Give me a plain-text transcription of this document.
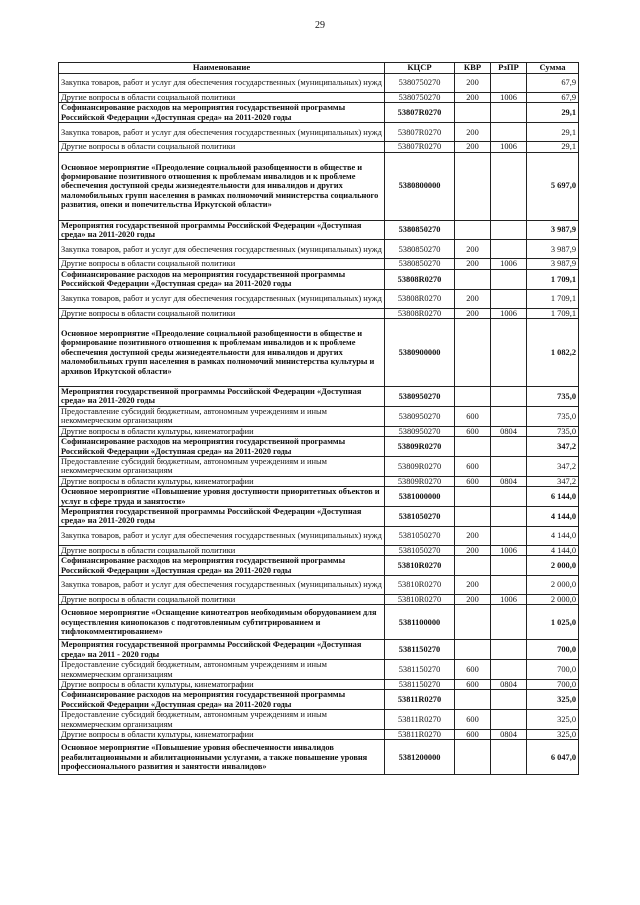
29
Наименование	КЦСР	КВР	РзПР	Сумма
Закупка товаров, работ и услуг для обеспечения государственных (муниципальных) нужд	5380750270	200		67,9
Другие вопросы в области социальной политики	5380750270	200	1006	67,9
Софинансирование расходов на мероприятия государственной программы Российской Федерации «Доступная среда» на 2011-2020 годы	53807R0270			29,1
Закупка товаров, работ и услуг для обеспечения государственных (муниципальных) нужд	53807R0270	200		29,1
Другие вопросы в области социальной политики	53807R0270	200	1006	29,1
Основное мероприятие «Преодоление социальной разобщенности в обществе и формирование позитивного отношения к проблемам инвалидов и к проблеме обеспечения доступной среды жизнедеятельности для инвалидов и других маломобильных групп населения в рамках полномочий министерства социального развития, опеки и попечительства Иркутской области»	5380800000			5 697,0
Мероприятия государственной программы Российской Федерации «Доступная среда» на 2011-2020 годы	5380850270			3 987,9
Закупка товаров, работ и услуг для обеспечения государственных (муниципальных) нужд	5380850270	200		3 987,9
Другие вопросы в области социальной политики	5380850270	200	1006	3 987,9
Софинансирование расходов на мероприятия государственной программы Российской Федерации «Доступная среда» на 2011-2020 годы	53808R0270			1 709,1
Закупка товаров, работ и услуг для обеспечения государственных (муниципальных) нужд	53808R0270	200		1 709,1
Другие вопросы в области социальной политики	53808R0270	200	1006	1 709,1
Основное мероприятие «Преодоление социальной разобщенности в обществе и формирование позитивного отношения к проблемам инвалидов и к проблеме обеспечения доступной среды жизнедеятельности для инвалидов и других маломобильных групп населения в рамках полномочий министерства культуры и архивов Иркутской области»	5380900000			1 082,2
Мероприятия государственной программы Российской Федерации «Доступная среда» на 2011-2020 годы	5380950270			735,0
Предоставление субсидий бюджетным, автономным учреждениям и иным некоммерческим организациям	5380950270	600		735,0
Другие вопросы в области культуры, кинематографии	5380950270	600	0804	735,0
Софинансирование расходов на мероприятия государственной программы Российской Федерации «Доступная среда» на 2011-2020 годы	53809R0270			347,2
Предоставление субсидий бюджетным, автономным учреждениям и иным некоммерческим организациям	53809R0270	600		347,2
Другие вопросы в области культуры, кинематографии	53809R0270	600	0804	347,2
Основное мероприятие «Повышение уровня доступности приоритетных объектов и услуг в сфере труда и занятости»	5381000000			6 144,0
Мероприятия государственной программы Российской Федерации «Доступная среда» на 2011-2020 годы	5381050270			4 144,0
Закупка товаров, работ и услуг для обеспечения государственных (муниципальных) нужд	5381050270	200		4 144,0
Другие вопросы в области социальной политики	5381050270	200	1006	4 144,0
Софинансирование расходов на мероприятия государственной программы Российской Федерации «Доступная среда» на 2011-2020 годы	53810R0270			2 000,0
Закупка товаров, работ и услуг для обеспечения государственных (муниципальных) нужд	53810R0270	200		2 000,0
Другие вопросы в области социальной политики	53810R0270	200	1006	2 000,0
Основное мероприятие «Оснащение кинотеатров необходимым оборудованием для осуществления кинопоказов с подготовленным субтитрированием и тифлокомментированием»	5381100000			1 025,0
Мероприятия государственной программы Российской Федерации «Доступная среда» на 2011 - 2020 годы	5381150270			700,0
Предоставление субсидий бюджетным, автономным учреждениям и иным некоммерческим организациям	5381150270	600		700,0
Другие вопросы в области культуры, кинематографии	5381150270	600	0804	700,0
Софинансирование расходов на мероприятия государственной программы Российской Федерации «Доступная среда» на 2011-2020 годы	53811R0270			325,0
Предоставление субсидий бюджетным, автономным учреждениям и иным некоммерческим организациям	53811R0270	600		325,0
Другие вопросы в области культуры, кинематографии	53811R0270	600	0804	325,0
Основное мероприятие «Повышение уровня обеспеченности инвалидов реабилитационными и абилитационными услугами, а также повышение уровня профессионального развития и занятости инвалидов»	5381200000			6 047,0
